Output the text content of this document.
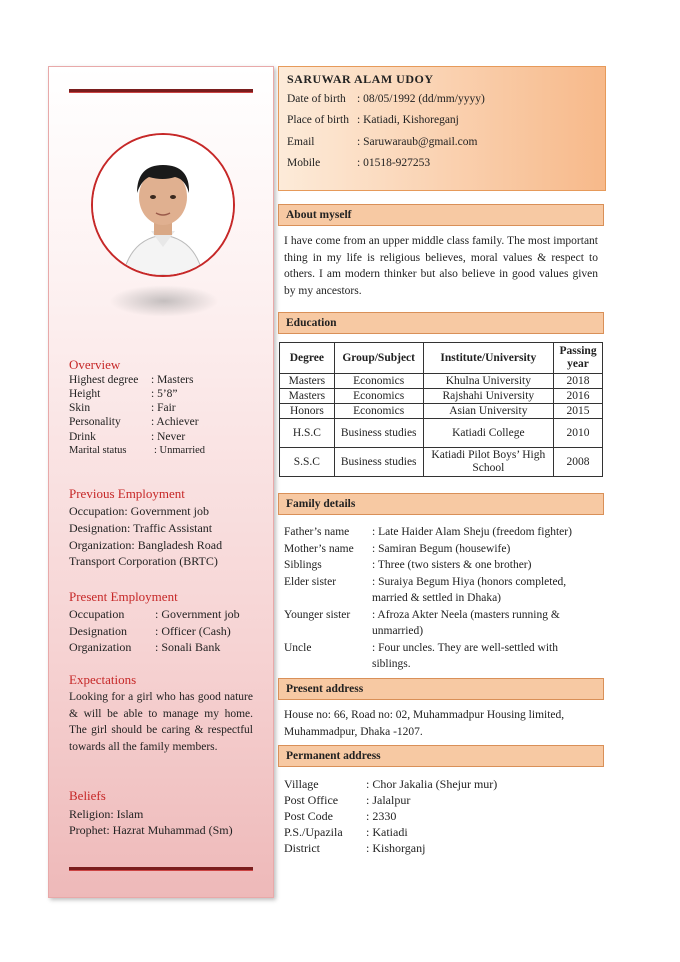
Overview
Highest degree : Masters
Height	: 5’8”
Skin	: Fair
Personality	: Achiever
Drink	: Never
Marital status	: Unmarried
Previous Employment
Occupation: Government job
Designation: Traffic Assistant
Organization: Bangladesh Road
Transport Corporation (BRTC)
Present Employment
Occupation	: Government job
Designation : Officer (Cash)
Organization : Sonali Bank
Expectations
Looking for a girl who has good nature & will be able to manage my home. The girl should be caring & respectful towards all the family members.
Beliefs
Religion: Islam
Prophet: Hazrat Muhammad (Sm)
SARUWAR ALAM UDOY
Date of birth : 08/05/1992 (dd/mm/yyyy)
Place of birth : Katiadi, Kishoreganj
Email	: Saruwaraub@gmail.com
Mobile	: 01518-927253
About myself
I have come from an upper middle class family. The most important thing in my life is religious believes, moral values & respect to others. I am modern thinker but also believe in good values given by my ancestors.
Education
Degree	Group/Subject	Institute/University	Passing year
Masters	Economics	Khulna University	2018
Masters	Economics	Rajshahi University	2016
Honors	Economics	Asian University	2015
H.S.C	Business studies	Katiadi College	2010
S.S.C	Business studies	Katiadi Pilot Boys’ High School	2008
Family details
Father’s name	: Late Haider Alam Sheju (freedom fighter)
Mother’s name	: Samiran Begum (housewife)
Siblings	: Three (two sisters & one brother)
Elder sister	: Suraiya Begum Hiya (honors completed, married & settled in Dhaka)
Younger sister	: Afroza Akter Neela (masters running & unmarried)
Uncle	: Four uncles. They are well-settled with siblings.
Present address
House no: 66, Road no: 02, Muhammadpur Housing limited, Muhammadpur, Dhaka -1207.
Permanent address
Village	: Chor Jakalia (Shejur mur)
Post Office : Jalalpur
Post Code	: 2330
P.S./Upazila : Katiadi
District	: Kishorganj
